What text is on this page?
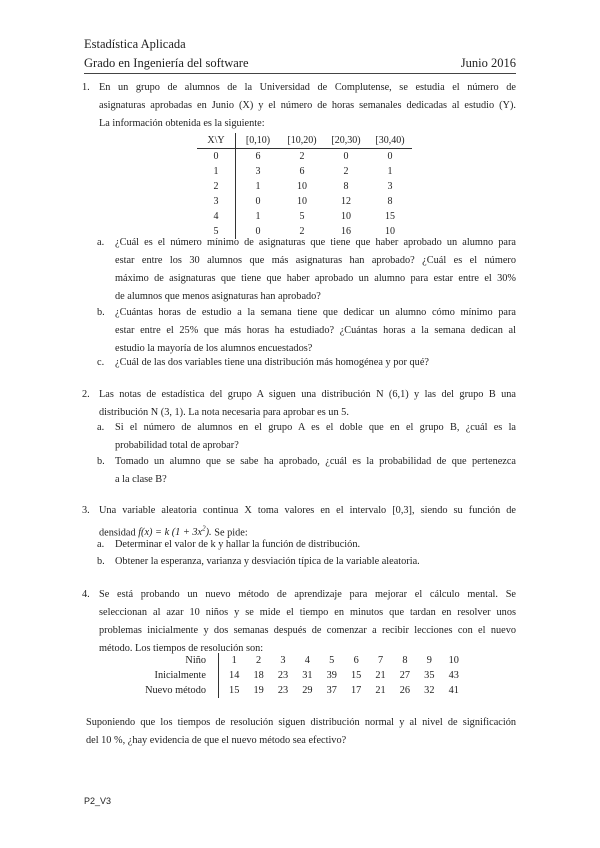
Estadística Aplicada
Grado en Ingeniería del software	Junio 2016
1. En un grupo de alumnos de la Universidad de Complutense, se estudia el número de
asignaturas aprobadas en Junio (X) y el número de horas semanales dedicadas al estudio (Y).
La información obtenida es la siguiente:
X\Y	[0,10)	[10,20)	[20,30)	[30,40)
0	6	2	0	0
1	3	6	2	1
2	1	10	8	3
3	0	10	12	8
4	1	5	10	15
5	0	2	16	10
a. ¿Cuál es el número mínimo de asignaturas que tiene que haber aprobado un alumno para
estar entre los 30 alumnos que más asignaturas han aprobado? ¿Cuál es el número
máximo de asignaturas que tiene que haber aprobado un alumno para estar entre el 30%
de alumnos que menos asignaturas han aprobado?
b. ¿Cuántas horas de estudio a la semana tiene que dedicar un alumno cómo mínimo para
estar entre el 25% que más horas ha estudiado? ¿Cuántas horas a la semana dedican al
estudio la mayoría de los alumnos encuestados?
c. ¿Cuál de las dos variables tiene una distribución más homogénea y por qué?
2. Las notas de estadística del grupo A siguen una distribución N (6,1) y las del grupo B una
distribución N (3, 1). La nota necesaria para aprobar es un 5.
a. Si el número de alumnos en el grupo A es el doble que en el grupo B, ¿cuál es la
probabilidad total de aprobar?
b. Tomado un alumno que se sabe ha aprobado, ¿cuál es la probabilidad de que pertenezca
a la clase B?
3. Una variable aleatoria continua X toma valores en el intervalo [0,3], siendo su función de
densidad f(x) = k $(1 + 3x^2)$. Se pide:
a. Determinar el valor de k y hallar la función de distribución.
b. Obtener la esperanza, varianza y desviación típica de la variable aleatoria.
4. Se está probando un nuevo método de aprendizaje para mejorar el cálculo mental. Se
seleccionan al azar 10 niños y se mide el tiempo en minutos que tardan en resolver unos
problemas inicialmente y dos semanas después de comenzar a recibir lecciones con el nuevo
método. Los tiempos de resolución son:
Niño	1	2	3	4	5	6	7	8	9	10
Inicialmente	14	18	23	31	39	15	21	27	35	43
Nuevo método	15	19	23	29	37	17	21	26	32	41
Suponiendo que los tiempos de resolución siguen distribución normal y al nivel de significación
del 10 %, ¿hay evidencia de que el nuevo método sea efectivo?
P2_V3
